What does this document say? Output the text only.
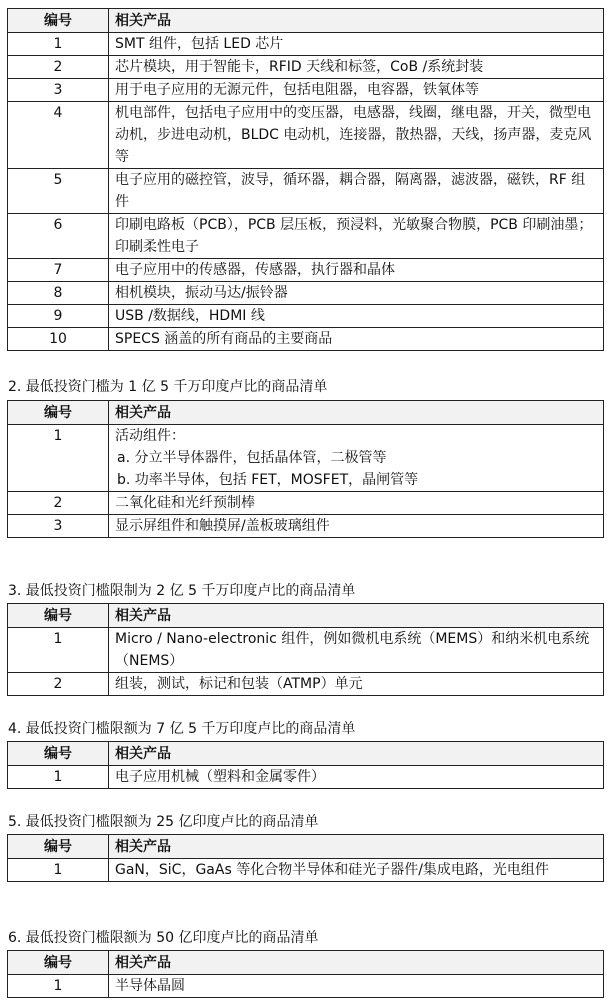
编号	相关产品
1	SMT 组件，包括 LED 芯片
2	芯片模块，用于智能卡，RFID 天线和标签，CoB /系统封装
3	用于电子应用的无源元件，包括电阻器，电容器，铁氧体等
4	机电部件，包括电子应用中的变压器，电感器，线圈，继电器，开关，微型电动机，步进电动机，BLDC 电动机，连接器，散热器，天线，扬声器，麦克风等
5	电子应用的磁控管，波导，循环器，耦合器，隔离器，滤波器，磁铁，RF 组件
6	印刷电路板（PCB），PCB 层压板，预浸料，光敏聚合物膜，PCB 印刷油墨； 印刷柔性电子
7	电子应用中的传感器，传感器，执行器和晶体
8	相机模块，振动马达/振铃器
9	USB /数据线，HDMI 线
10	SPECS 涵盖的所有商品的主要商品
2. 最低投资门槛为 1 亿 5 千万印度卢比的商品清单
编号	相关产品
1	活动组件：
a. 分立半导体器件，包括晶体管，二极管等
b. 功率半导体，包括 FET，MOSFET，晶闸管等

2	二氧化硅和光纤预制棒
3	显示屏组件和触摸屏/盖板玻璃组件
3. 最低投资门槛限制为 2 亿 5 千万印度卢比的商品清单
编号	相关产品
1	Micro / Nano-electronic 组件，例如微机电系统（MEMS）和纳米机电系统（NEMS）
2	组装，测试，标记和包装（ATMP）单元
4. 最低投资门槛限额为 7 亿 5 千万印度卢比的商品清单
编号	相关产品
1	电子应用机械（塑料和金属零件）
5. 最低投资门槛限额为 25 亿印度卢比的商品清单
编号	相关产品
1	GaN，SiC，GaAs 等化合物半导体和硅光子器件/集成电路，光电组件
6. 最低投资门槛限额为 50 亿印度卢比的商品清单
编号	相关产品
1	半导体晶圆
